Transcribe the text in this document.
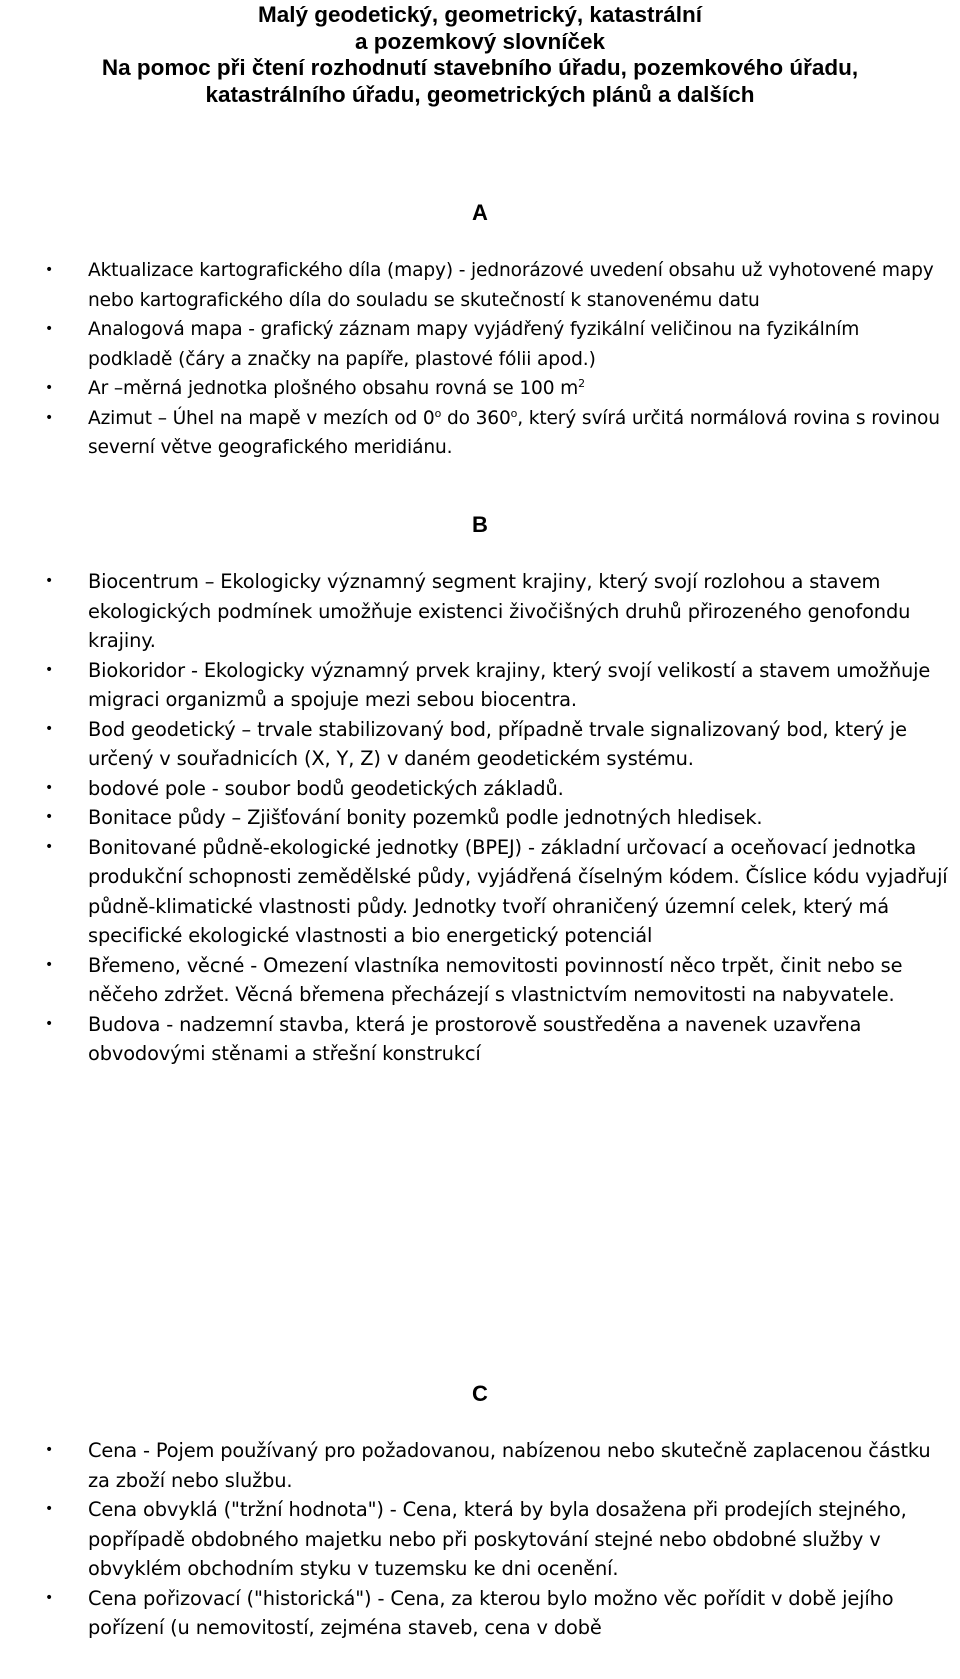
Malý geodetický, geometrický, katastrální
a pozemkový slovníček
Na pomoc při čtení rozhodnutí stavebního úřadu, pozemkového úřadu,
katastrálního úřadu, geometrických plánů a dalších
A
• Aktualizace kartografického díla (mapy) - jednorázové uvedení obsahu už vyhotovené mapy nebo kartografického díla do souladu se skutečností k stanovenému datu
• Analogová mapa - grafický záznam mapy vyjádřený fyzikální veličinou na fyzikálním podkladě (čáry a značky na papíře, plastové fólii apod.)
• Ar –měrná jednotka plošného obsahu rovná se 100 $m^2$
• Azimut – Úhel na mapě v mezích od 0$^o$ do 360$^o$, který svírá určitá normálová rovina s rovinou severní větve geografického meridiánu.
B
• Biocentrum – Ekologicky významný segment krajiny, který svojí rozlohou a stavem ekologických podmínek umožňuje existenci živočišných druhů přirozeného genofondu krajiny.
• Biokoridor - Ekologicky významný prvek krajiny, který svojí velikostí a stavem umožňuje migraci organizmů a spojuje mezi sebou biocentra.
• Bod geodetický – trvale stabilizovaný bod, případně trvale signalizovaný bod, který je určený v souřadnicích (X, Y, Z) v daném geodetickém systému.
• bodové pole - soubor bodů geodetických základů.
• Bonitace půdy – Zjišťování bonity pozemků podle jednotných hledisek.
• Bonitované půdně-ekologické jednotky (BPEJ) - základní určovací a oceňovací jednotka produkční schopnosti zemědělské půdy, vyjádřená číselným kódem. Číslice kódu vyjadřují půdně-klimatické vlastnosti půdy. Jednotky tvoří ohraničený územní celek, který má specifické ekologické vlastnosti a bio energetický potenciál
• Břemeno, věcné - Omezení vlastníka nemovitosti povinností něco trpět, činit nebo se něčeho zdržet. Věcná břemena přecházejí s vlastnictvím nemovitosti na nabyvatele.
• Budova - nadzemní stavba, která je prostorově soustředěna a navenek uzavřena obvodovými stěnami a střešní konstrukcí
C
• Cena - Pojem používaný pro požadovanou, nabízenou nebo skutečně zaplacenou částku za zboží nebo službu.
• Cena obvyklá ("tržní hodnota") - Cena, která by byla dosažena při prodejích stejného, popřípadě obdobného majetku nebo při poskytování stejné nebo obdobné služby v obvyklém obchodním styku v tuzemsku ke dni ocenění.
• Cena pořizovací ("historická") - Cena, za kterou bylo možno věc pořídit v době jejího pořízení (u nemovitostí, zejména staveb, cena v době
